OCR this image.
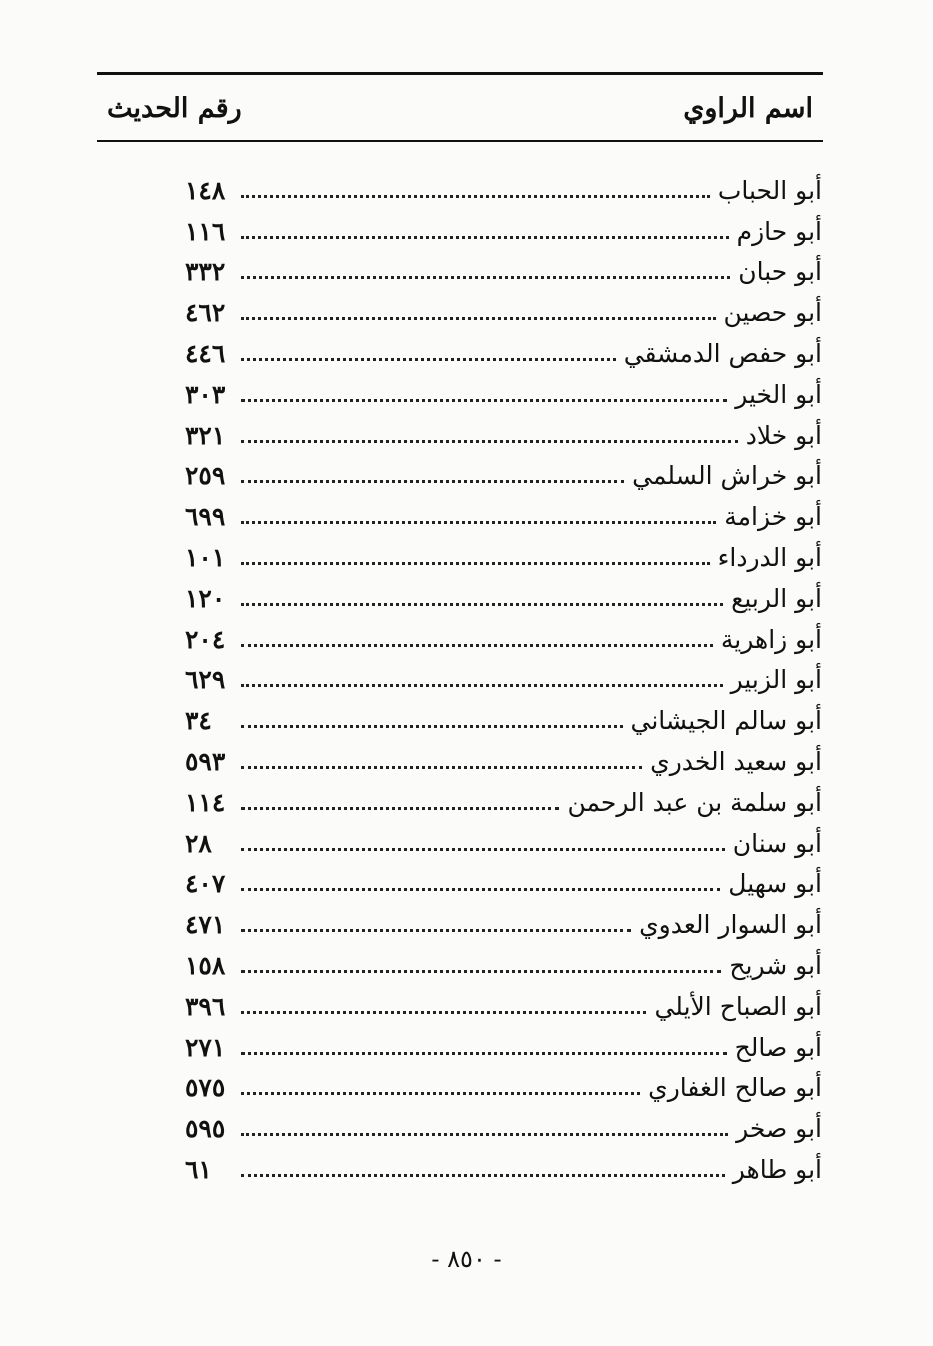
اسم الراوي
رقم الحديث
أبو الحباب
١٤٨
أبو حازم
١١٦
أبو حبان
٣٣٢
أبو حصين
٤٦٢
أبو حفص الدمشقي
٤٤٦
أبو الخير
٣٠٣
أبو خلاد
٣٢١
أبو خراش السلمي
٢٥٩
أبو خزامة
٦٩٩
أبو الدرداء
١٠١
أبو الربيع
١٢٠
أبو زاهرية
٢٠٤
أبو الزبير
٦٢٩
أبو سالم الجيشاني
٣٤
أبو سعيد الخدري
٥٩٣
أبو سلمة بن عبد الرحمن
١١٤
أبو سنان
٢٨
أبو سهيل
٤٠٧
أبو السوار العدوي
٤٧١
أبو شريح
١٥٨
أبو الصباح الأيلي
٣٩٦
أبو صالح
٢٧١
أبو صالح الغفاري
٥٧٥
أبو صخر
٥٩٥
أبو طاهر
٦١
- ٨٥٠ -
